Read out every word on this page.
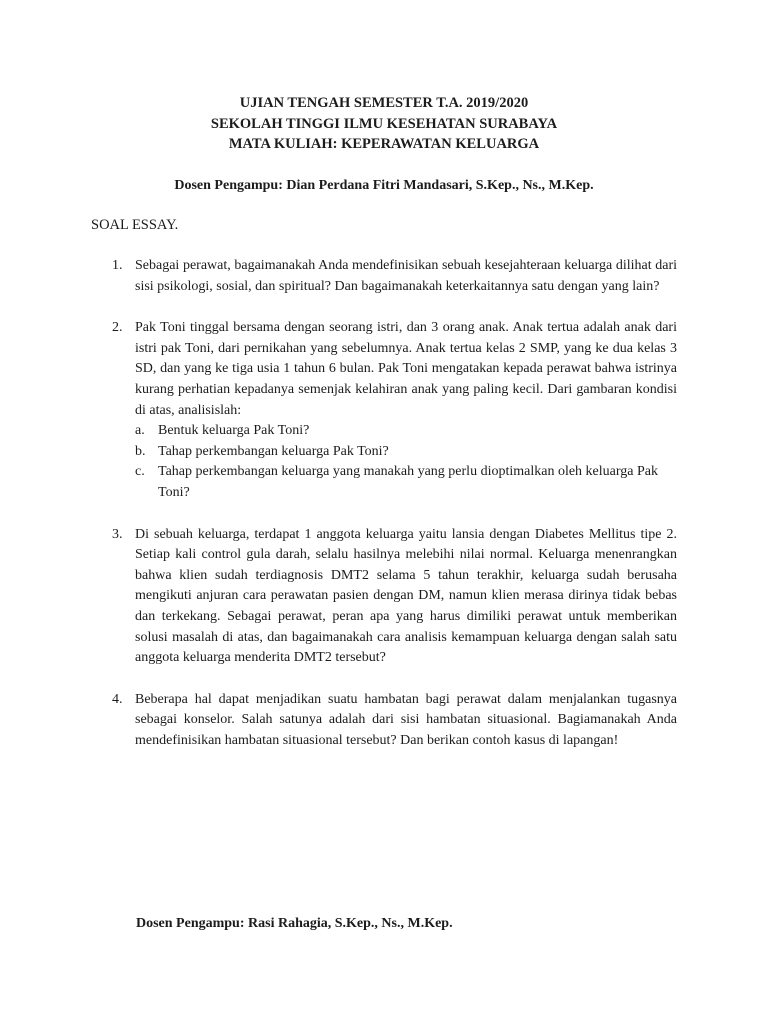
UJIAN TENGAH SEMESTER T.A. 2019/2020
SEKOLAH TINGGI ILMU KESEHATAN SURABAYA
MATA KULIAH: KEPERAWATAN KELUARGA
Dosen Pengampu: Dian Perdana Fitri Mandasari, S.Kep., Ns., M.Kep.
SOAL ESSAY.
1. Sebagai perawat, bagaimanakah Anda mendefinisikan sebuah kesejahteraan keluarga dilihat dari sisi psikologi, sosial, dan spiritual? Dan bagaimanakah keterkaitannya satu dengan yang lain?
2. Pak Toni tinggal bersama dengan seorang istri, dan 3 orang anak. Anak tertua adalah anak dari istri pak Toni, dari pernikahan yang sebelumnya. Anak tertua kelas 2 SMP, yang ke dua kelas 3 SD, dan yang ke tiga usia 1 tahun 6 bulan. Pak Toni mengatakan kepada perawat bahwa istrinya kurang perhatian kepadanya semenjak kelahiran anak yang paling kecil. Dari gambaran kondisi di atas, analisislah:
a. Bentuk keluarga Pak Toni?
b. Tahap perkembangan keluarga Pak Toni?
c. Tahap perkembangan keluarga yang manakah yang perlu dioptimalkan oleh keluarga Pak Toni?
3. Di sebuah keluarga, terdapat 1 anggota keluarga yaitu lansia dengan Diabetes Mellitus tipe 2. Setiap kali control gula darah, selalu hasilnya melebihi nilai normal. Keluarga menenrangkan bahwa klien sudah terdiagnosis DMT2 selama 5 tahun terakhir, keluarga sudah berusaha mengikuti anjuran cara perawatan pasien dengan DM, namun klien merasa dirinya tidak bebas dan terkekang. Sebagai perawat, peran apa yang harus dimiliki perawat untuk memberikan solusi masalah di atas, dan bagaimanakah cara analisis kemampuan keluarga dengan salah satu anggota keluarga menderita DMT2 tersebut?
4. Beberapa hal dapat menjadikan suatu hambatan bagi perawat dalam menjalankan tugasnya sebagai konselor. Salah satunya adalah dari sisi hambatan situasional. Bagiamanakah Anda mendefinisikan hambatan situasional tersebut? Dan berikan contoh kasus di lapangan!
Dosen Pengampu: Rasi Rahagia, S.Kep., Ns., M.Kep.
